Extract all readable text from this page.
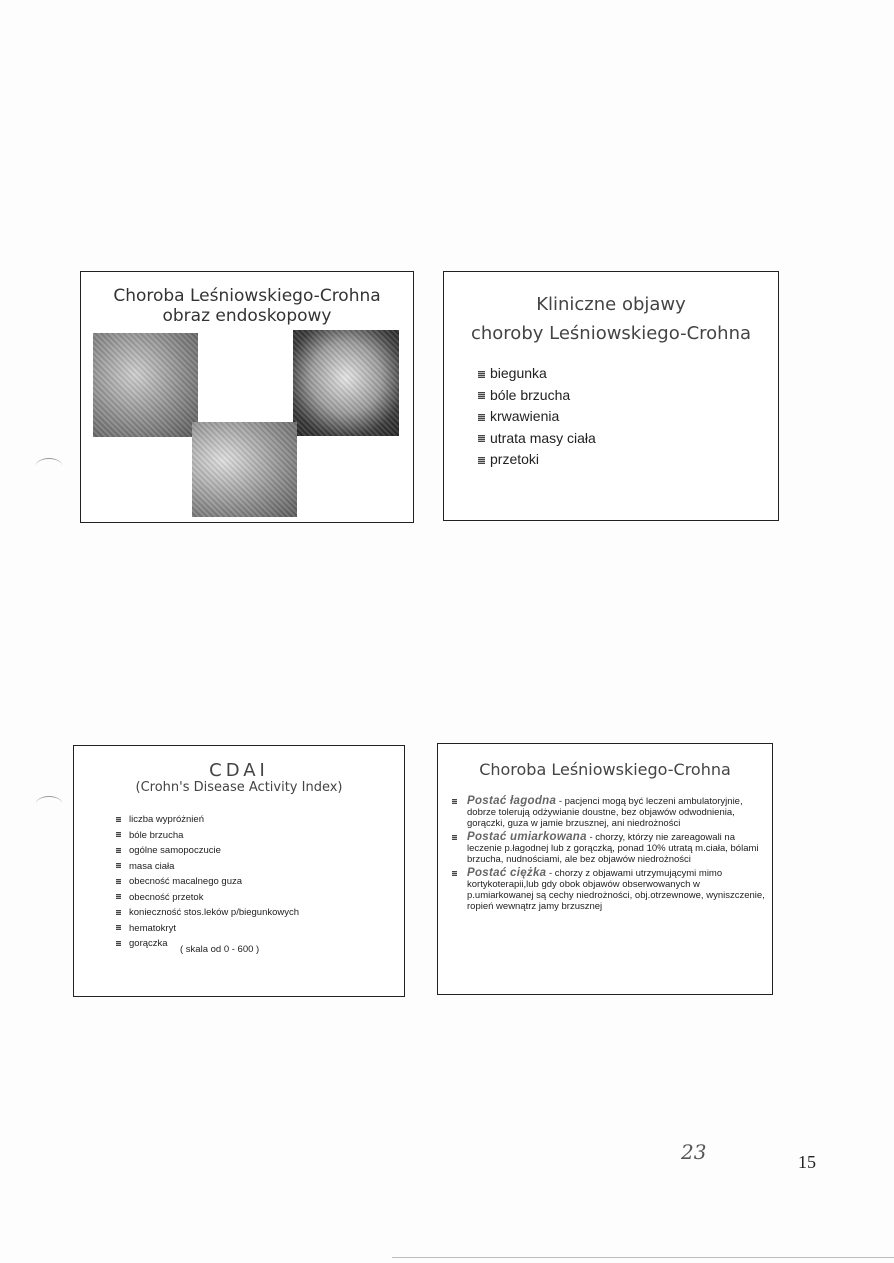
Choroba Leśniowskiego-Crohna
obraz endoskopowy
Kliniczne objawy
choroby Leśniowskiego-Crohna
biegunka
bóle brzucha
krwawienia
utrata masy ciała
przetoki
CDAI
(Crohn's Disease Activity Index)
liczba wypróżnień
bóle brzucha
ogólne samopoczucie
masa ciała
obecność macalnego guza
obecność przetok
konieczność stos.leków p/biegunkowych
hematokryt
gorączka
( skala od 0 - 600 )
Choroba Leśniowskiego-Crohna
Postać łagodna - pacjenci mogą być leczeni ambulatoryjnie, dobrze tolerują odżywianie doustne, bez objawów odwodnienia, gorączki, guza w jamie brzusznej, ani niedrożności
Postać umiarkowana - chorzy, którzy nie zareagowali na leczenie p.łagodnej lub z gorączką, ponad 10% utratą m.ciała, bólami brzucha, nudnościami, ale bez objawów niedrożności
Postać ciężka - chorzy z objawami utrzymującymi mimo kortykoterapii,lub gdy obok objawów obserwowanych w p.umiarkowanej są cechy niedrożności, obj.otrzewnowe, wyniszczenie, ropień wewnątrz jamy brzusznej
23	15
